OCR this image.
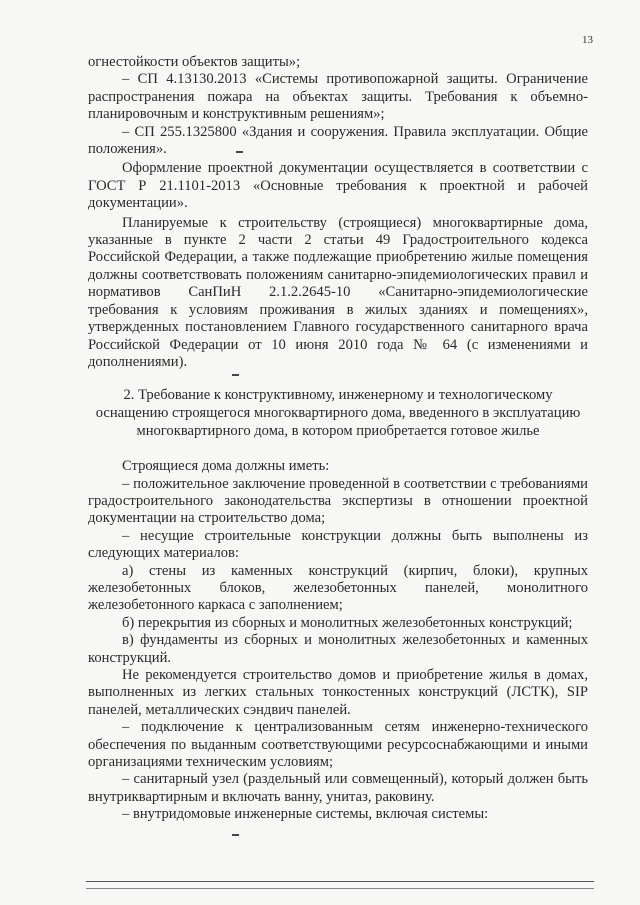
13

огнестойкости объектов защиты»;

– СП 4.13130.2013 «Системы противопожарной защиты. Ограничение распространения пожара на объектах защиты. Требования к объемно-планировочным и конструктивным решениям»;

– СП 255.1325800 «Здания и сооружения. Правила эксплуатации. Общие положения».

Оформление проектной документации осуществляется в соответствии с ГОСТ Р 21.1101-2013 «Основные требования к проектной и рабочей документации».

Планируемые к строительству (строящиеся) многоквартирные дома, указанные в пункте 2 части 2 статьи 49 Градостроительного кодекса Российской Федерации, а также подлежащие приобретению жилые помещения должны соответствовать положениям санитарно-эпидемиологических правил и нормативов СанПиН 2.1.2.2645-10 «Санитарно-эпидемиологические требования к условиям проживания в жилых зданиях и помещениях», утвержденных постановлением Главного государственного санитарного врача Российской Федерации от 10 июня 2010 года № 64 (с изменениями и дополнениями).

2. Требование к конструктивному, инженерному и технологическому оснащению строящегося многоквартирного дома, введенного в эксплуатацию многоквартирного дома, в котором приобретается готовое жилье

Строящиеся дома должны иметь:

– положительное заключение проведенной в соответствии с требованиями градостроительного законодательства экспертизы в отношении проектной документации на строительство дома;

– несущие строительные конструкции должны быть выполнены из следующих материалов:

а) стены из каменных конструкций (кирпич, блоки), крупных железобетонных блоков, железобетонных панелей, монолитного железобетонного каркаса с заполнением;

б) перекрытия из сборных и монолитных железобетонных конструкций;

в) фундаменты из сборных и монолитных железобетонных и каменных конструкций.

Не рекомендуется строительство домов и приобретение жилья в домах, выполненных из легких стальных тонкостенных конструкций (ЛСТК), SIP панелей, металлических сэндвич панелей.

– подключение к централизованным сетям инженерно-технического обеспечения по выданным соответствующими ресурсоснабжающими и иными организациями техническим условиям;

– санитарный узел (раздельный или совмещенный), который должен быть внутриквартирным и включать ванну, унитаз, раковину.

– внутридомовые инженерные системы, включая системы:
